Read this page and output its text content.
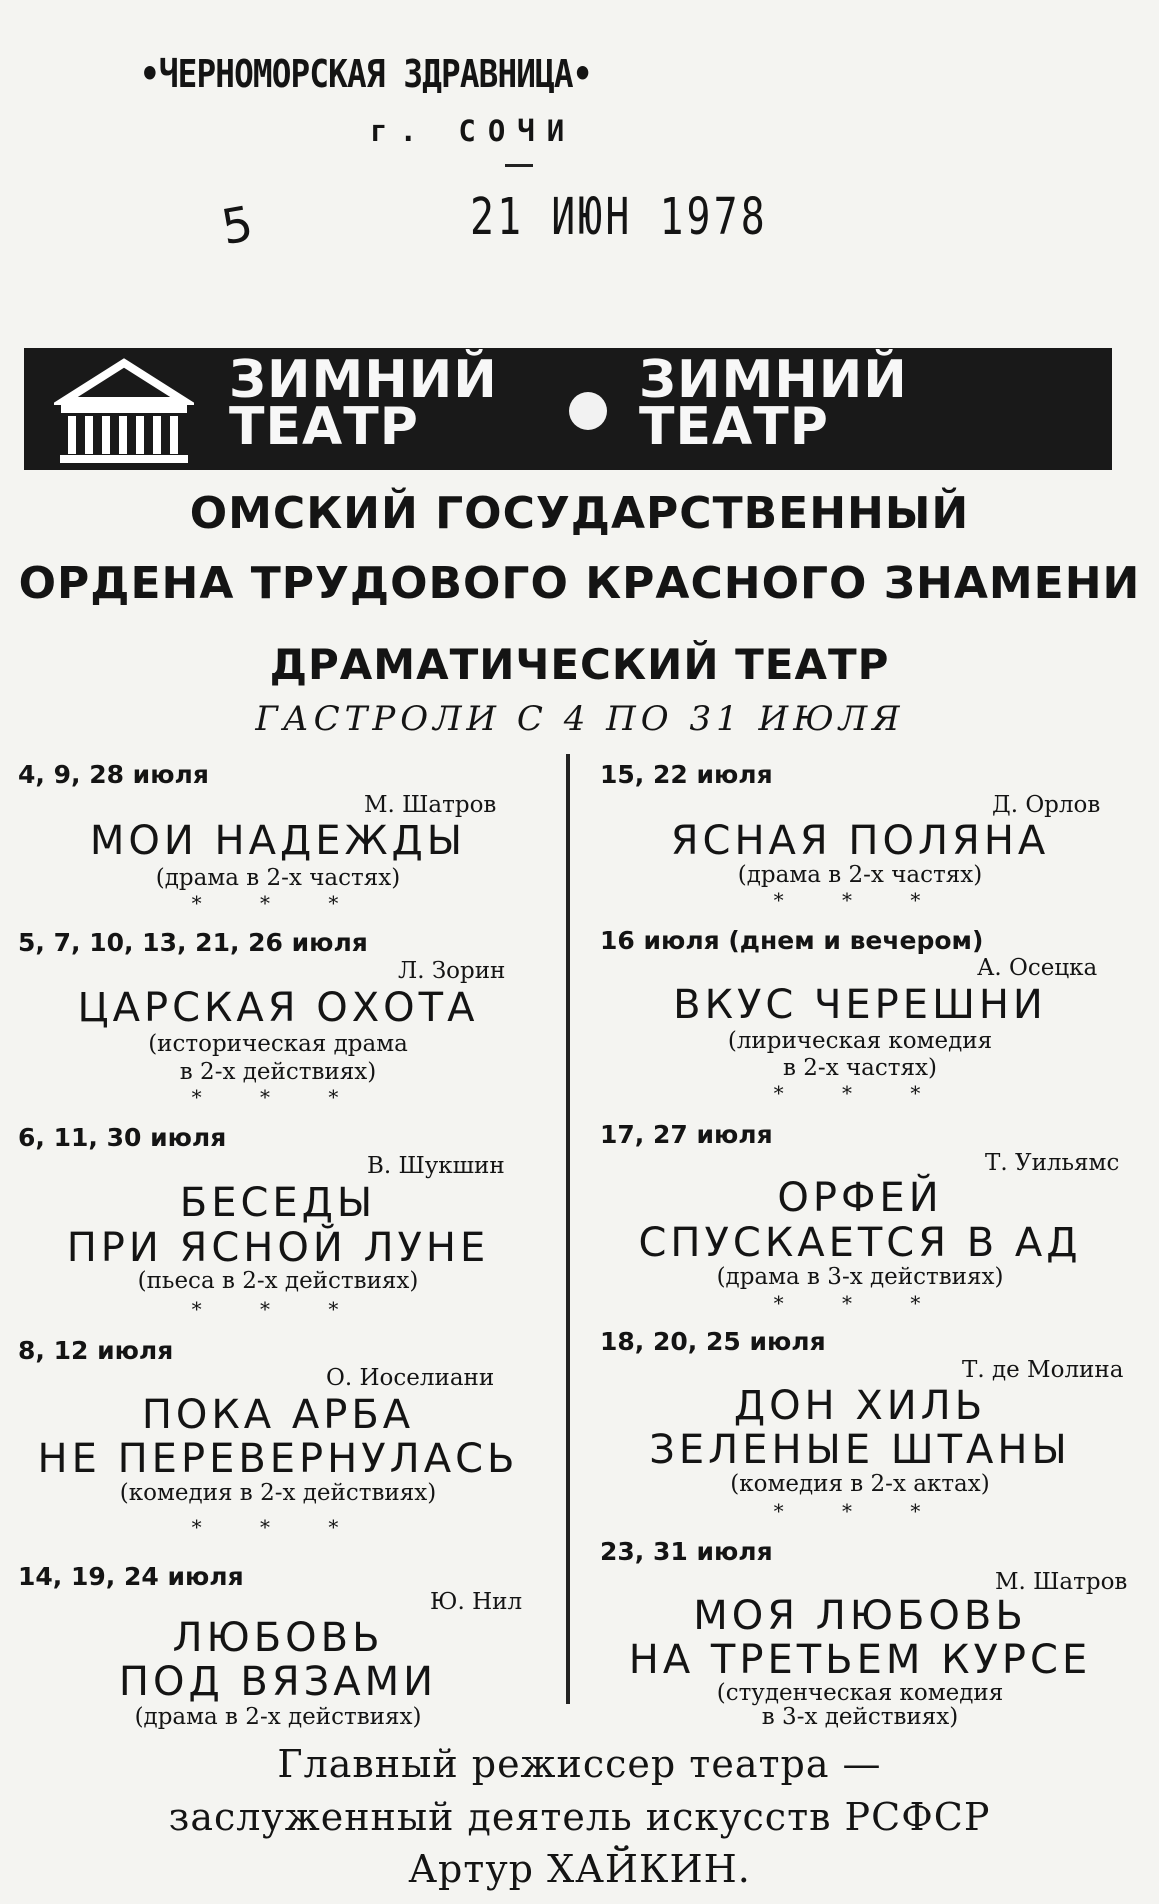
•ЧЕРНОМОРСКАЯ ЗДРАВНИЦА•
г. СОЧИ
5	21 ИЮН 1978
ЗИМНИЙ
ТЕАТР
ЗИМНИЙ
ТЕАТР
ОМСКИЙ ГОСУДАРСТВЕННЫЙ
ОРДЕНА ТРУДОВОГО КРАСНОГО ЗНАМЕНИ
ДРАМАТИЧЕСКИЙ ТЕАТР
ГАСТРОЛИ С 4 ПО 31 ИЮЛЯ
4, 9, 28 июля
М. Шатров
МОИ НАДЕЖДЫ
(драма в 2-х частях)
* * *
5, 7, 10, 13, 21, 26 июля
Л. Зорин
ЦАРСКАЯ ОХОТА
(историческая драма
в 2-х действиях)
* * *
6, 11, 30 июля
В. Шукшин
БЕСЕДЫ
ПРИ ЯСНОЙ ЛУНЕ
(пьеса в 2-х действиях)
* * *
8, 12 июля
О. Иоселиани
ПОКА АРБА
НЕ ПЕРЕВЕРНУЛАСЬ
(комедия в 2-х действиях)
* * *
14, 19, 24 июля
Ю. Нил
ЛЮБОВЬ
ПОД ВЯЗАМИ
(драма в 2-х действиях)
15, 22 июля
Д. Орлов
ЯСНАЯ ПОЛЯНА
(драма в 2-х частях)
* * *
16 июля (днем и вечером)
А. Осецка
ВКУС ЧЕРЕШНИ
(лирическая комедия
в 2-х частях)
* * *
17, 27 июля
Т. Уильямс
ОРФЕЙ
СПУСКАЕТСЯ В АД
(драма в 3-х действиях)
* * *
18, 20, 25 июля
Т. де Молина
ДОН ХИЛЬ
ЗЕЛЕНЫЕ ШТАНЫ
(комедия в 2-х актах)
* * *
23, 31 июля
М. Шатров
МОЯ ЛЮБОВЬ
НА ТРЕТЬЕМ КУРСЕ
(студенческая комедия
в 3-х действиях)
Главный режиссер театра —
заслуженный деятель искусств РСФСР
Артур ХАЙКИН.
